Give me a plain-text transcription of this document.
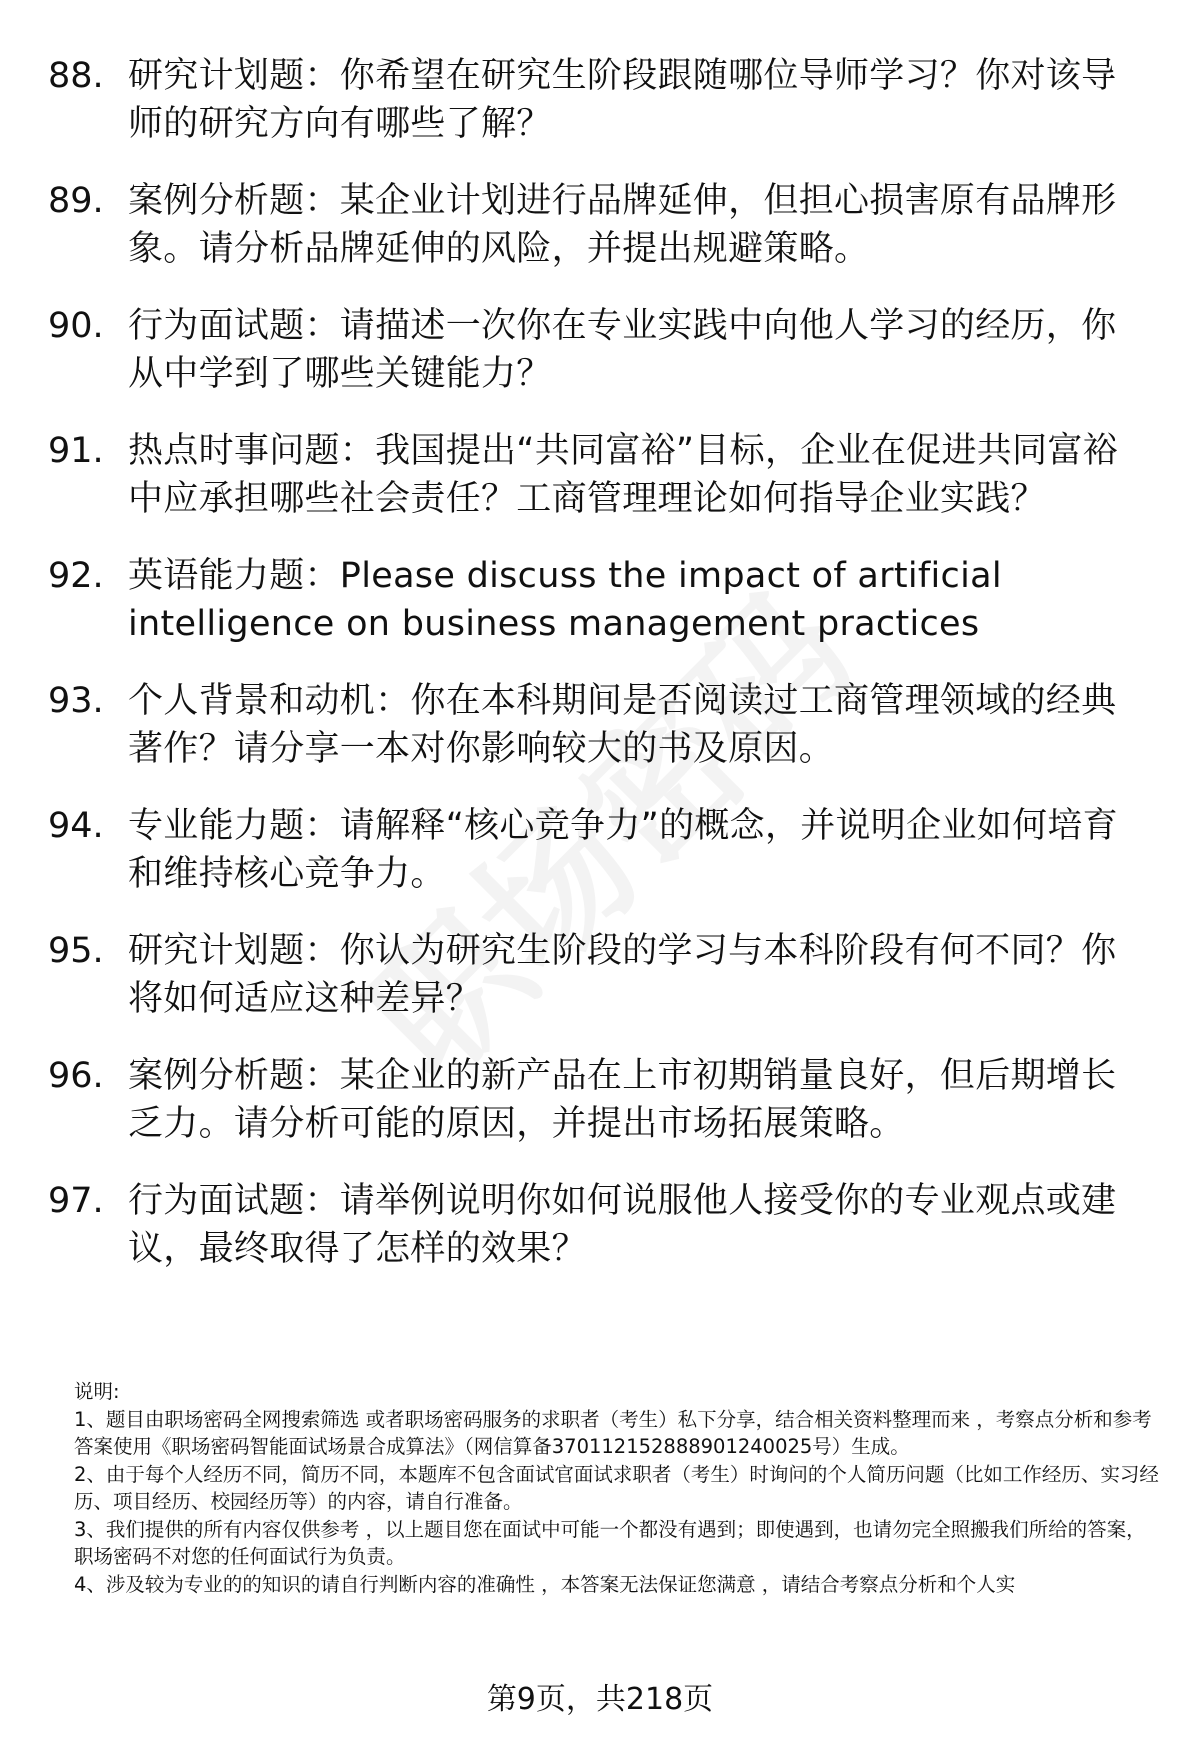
88. 研究计划题：你希望在研究生阶段跟随哪位导师学习？你对该导师的研究方向有哪些了解？
89. 案例分析题：某企业计划进行品牌延伸，但担心损害原有品牌形象。请分析品牌延伸的风险，并提出规避策略。
90. 行为面试题：请描述一次你在专业实践中向他人学习的经历，你从中学到了哪些关键能力？
91. 热点时事问题：我国提出“共同富裕”目标，企业在促进共同富裕中应承担哪些社会责任？工商管理理论如何指导企业实践？
92. 英语能力题：Please discuss the impact of artificial intelligence on business management practices
93. 个人背景和动机：你在本科期间是否阅读过工商管理领域的经典著作？请分享一本对你影响较大的书及原因。
94. 专业能力题：请解释“核心竞争力”的概念，并说明企业如何培育和维持核心竞争力。
95. 研究计划题：你认为研究生阶段的学习与本科阶段有何不同？你将如何适应这种差异？
96. 案例分析题：某企业的新产品在上市初期销量良好，但后期增长乏力。请分析可能的原因，并提出市场拓展策略。
97. 行为面试题：请举例说明你如何说服他人接受你的专业观点或建议，最终取得了怎样的效果？

说明:

1、题目由职场密码全网搜索筛选 或者职场密码服务的求职者（考生）私下分享，结合相关资料整理而来 ，考察点分析和参考答案使用《职场密码智能面试场景合成算法》（网信算备370112152888901240025号）生成。

2、由于每个人经历不同，简历不同，本题库不包含面试官面试求职者（考生）时询问的个人简历问题（比如工作经历、实习经历、项目经历、校园经历等）的内容，请自行准备。

3、我们提供的所有内容仅供参考 ，以上题目您在面试中可能一个都没有遇到；即使遇到，也请勿完全照搬我们所给的答案，职场密码不对您的任何面试行为负责。

4、涉及较为专业的的知识的请自行判断内容的准确性 ，本答案无法保证您满意 ，请结合考察点分析和个人实

第9页，共218页
